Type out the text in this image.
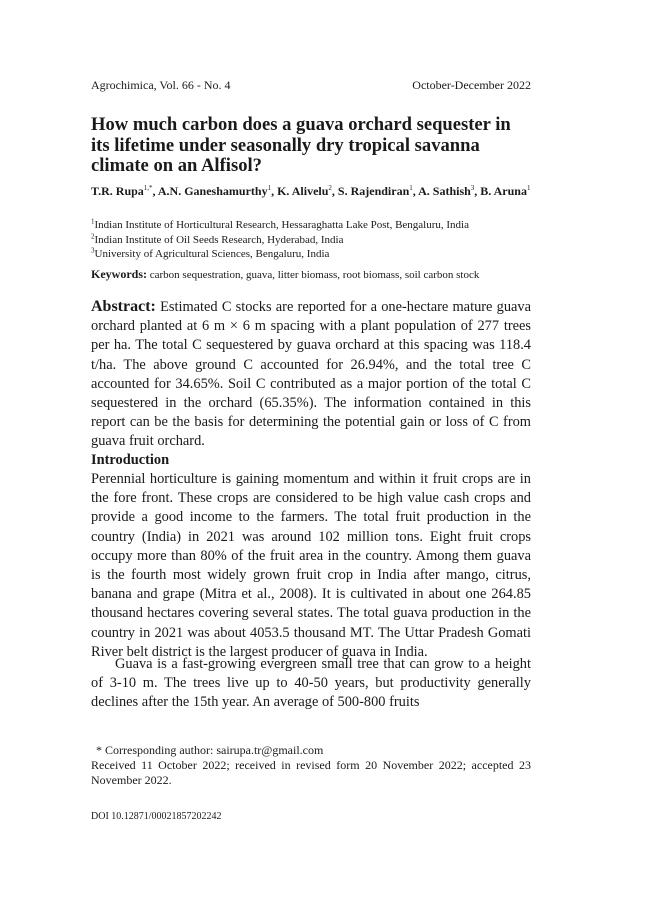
Agrochimica, Vol. 66 - No. 4	October-December 2022
How much carbon does a guava orchard sequester in its lifetime under seasonally dry tropical savanna climate on an Alfisol?
T.R. Rupa$^{1,*}$, A.N. Ganeshamurthy$^1$, K. Alivelu$^2$, S. Rajendiran$^1$, A. Sathish$^3$, B. Aruna$^1$
$^1$Indian Institute of Horticultural Research, Hessaraghatta Lake Post, Bengaluru, India
$^2$Indian Institute of Oil Seeds Research, Hyderabad, India
$^3$University of Agricultural Sciences, Bengaluru, India
Keywords: carbon sequestration, guava, litter biomass, root biomass, soil carbon stock

Abstract: Estimated C stocks are reported for a one-hectare mature guava orchard planted at 6 m × 6 m spacing with a plant population of 277 trees per ha. The total C sequestered by guava orchard at this spacing was 118.4 t/ha. The above ground C accounted for 26.94%, and the total tree C accounted for 34.65%. Soil C contributed as a major portion of the total C sequestered in the orchard (65.35%). The information contained in this report can be the basis for determining the potential gain or loss of C from guava fruit orchard.

Introduction

Perennial horticulture is gaining momentum and within it fruit crops are in the fore front. These crops are considered to be high value cash crops and provide a good income to the farmers. The total fruit production in the country (India) in 2021 was around 102 million tons. Eight fruit crops occupy more than 80% of the fruit area in the country. Among them guava is the fourth most widely grown fruit crop in India after mango, citrus, banana and grape (Mitra et al., 2008). It is cultivated in about one 264.85 thousand hectares covering several states. The total guava production in the country in 2021 was about 4053.5 thousand MT. The Uttar Pradesh Gomati River belt district is the largest producer of guava in India.

Guava is a fast-growing evergreen small tree that can grow to a height of 3-10 m. The trees live up to 40-50 years, but productivity generally declines after the 15th year. An average of 500-800 fruits

* Corresponding author: sairupa.tr@gmail.com
Received 11 October 2022; received in revised form 20 November 2022; accepted 23 November 2022.
DOI 10.12871/00021857202242
